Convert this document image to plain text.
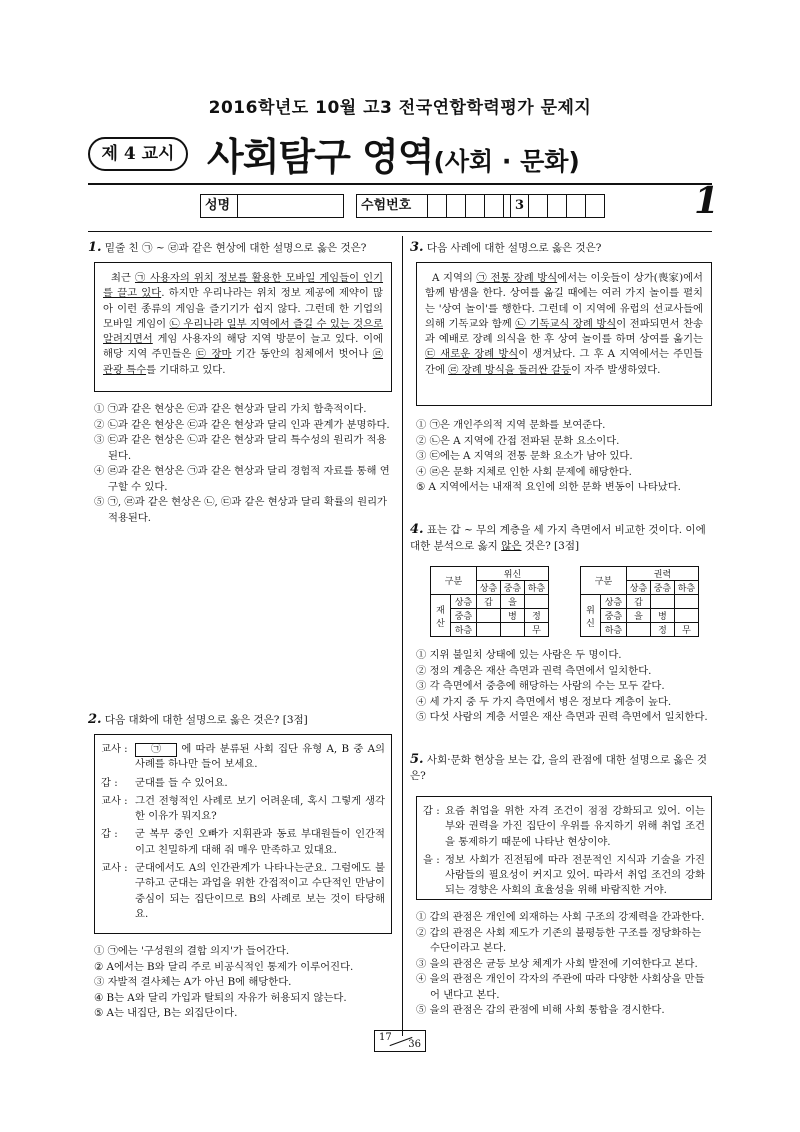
2016학년도 10월 고3 전국연합학력평가 문제지
제 4 교시 사회탐구 영역(사회 · 문화)
성명	수험번호	3	1
1. 밑줄 친 ㉠ ~ ㉣과 같은 현상에 대한 설명으로 옳은 것은?
최근 ㉠ 사용자의 위치 정보를 활용한 모바일 게임들이 인기를 끌고 있다. 하지만 우리나라는 위치 정보 제공에 제약이 많아 이런 종류의 게임을 즐기기가 쉽지 않다. 그런데 한 기업의 모바일 게임이 ㉡ 우리나라 일부 지역에서 즐길 수 있는 것으로 알려지면서 게임 사용자의 해당 지역 방문이 늘고 있다. 이에 해당 지역 주민들은 ㉢ 장마 기간 동안의 침체에서 벗어나 ㉣ 관광 특수를 기대하고 있다.
① ㉠과 같은 현상은 ㉢과 같은 현상과 달리 가치 함축적이다.
② ㉡과 같은 현상은 ㉢과 같은 현상과 달리 인과 관계가 분명하다.
③ ㉢과 같은 현상은 ㉡과 같은 현상과 달리 특수성의 원리가 적용된다.
④ ㉣과 같은 현상은 ㉠과 같은 현상과 달리 경험적 자료를 통해 연구할 수 있다.
⑤ ㉠, ㉣과 같은 현상은 ㉡, ㉢과 같은 현상과 달리 확률의 원리가 적용된다.
2. 다음 대화에 대한 설명으로 옳은 것은? [3점]
교사 :	㉠ 에 따라 분류된 사회 집단 유형 A, B 중 A의 사례를 하나만 들어 보세요.
갑 :	군대를 들 수 있어요.
교사 : 그건 전형적인 사례로 보기 어려운데, 혹시 그렇게 생각한 이유가 뭐지요?
갑 :	군 복무 중인 오빠가 지휘관과 동료 부대원들이 인간적이고 친밀하게 대해 줘 매우 만족하고 있대요.
교사 : 군대에서도 A의 인간관계가 나타나는군요. 그럼에도 불구하고 군대는 과업을 위한 간접적이고 수단적인 만남이 중심이 되는 집단이므로 B의 사례로 보는 것이 타당해요.
① ㉠에는 '구성원의 결합 의지'가 들어간다.
② A에서는 B와 달리 주로 비공식적인 통제가 이루어진다.
③ 자발적 결사체는 A가 아닌 B에 해당한다.
④ B는 A와 달리 가입과 탈퇴의 자유가 허용되지 않는다.
⑤ A는 내집단, B는 외집단이다.
3. 다음 사례에 대한 설명으로 옳은 것은?
A 지역의 ㉠ 전통 장례 방식에서는 이웃들이 상가(喪家)에서 함께 밤샘을 한다. 상여를 옮길 때에는 여러 가지 놀이를 펼치는 '상여 놀이'를 행한다. 그런데 이 지역에 유럽의 선교사들에 의해 기독교와 함께 ㉡ 기독교식 장례 방식이 전파되면서 찬송과 예배로 장례 의식을 한 후 상여 놀이를 하며 상여를 옮기는 ㉢ 새로운 장례 방식이 생겨났다. 그 후 A 지역에서는 주민들 간에 ㉣ 장례 방식을 둘러싼 갈등이 자주 발생하였다.
① ㉠은 개인주의적 지역 문화를 보여준다.
② ㉡은 A 지역에 간접 전파된 문화 요소이다.
③ ㉢에는 A 지역의 전통 문화 요소가 남아 있다.
④ ㉣은 문화 지체로 인한 사회 문제에 해당한다.
⑤ A 지역에서는 내재적 요인에 의한 문화 변동이 나타났다.
4. 표는 갑 ~ 무의 계층을 세 가지 측면에서 비교한 것이다. 이에 대한 분석으로 옳지 않은 것은? [3점]
구분		위신		
		상층	중층	하층
재산	상층	갑	을	
	중층		병	정
	하층			무
구분		권력		
		상층	중층	하층
위신	상층	갑		
	중층	을	병	
	하층		정	무
① 지위 불일치 상태에 있는 사람은 두 명이다.
② 정의 계층은 재산 측면과 권력 측면에서 일치한다.
③ 각 측면에서 중층에 해당하는 사람의 수는 모두 같다.
④ 세 가지 중 두 가지 측면에서 병은 정보다 계층이 높다.
⑤ 다섯 사람의 계층 서열은 재산 측면과 권력 측면에서 일치한다.
5. 사회·문화 현상을 보는 갑, 을의 관점에 대한 설명으로 옳은 것은?
갑 : 요즘 취업을 위한 자격 조건이 점점 강화되고 있어. 이는 부와 권력을 가진 집단이 우위를 유지하기 위해 취업 조건을 통제하기 때문에 나타난 현상이야.
을 : 정보 사회가 진전됨에 따라 전문적인 지식과 기술을 가진 사람들의 필요성이 커지고 있어. 따라서 취업 조건의 강화되는 경향은 사회의 효율성을 위해 바람직한 거야.
① 갑의 관점은 개인에 외재하는 사회 구조의 강제력을 간과한다.
② 갑의 관점은 사회 제도가 기존의 불평등한 구조를 정당화하는 수단이라고 본다.
③ 을의 관점은 균등 보상 체계가 사회 발전에 기여한다고 본다.
④ 을의 관점은 개인이 각자의 주관에 따라 다양한 사회상을 만들어 낸다고 본다.
⑤ 을의 관점은 갑의 관점에 비해 사회 통합을 경시한다.
17
36
